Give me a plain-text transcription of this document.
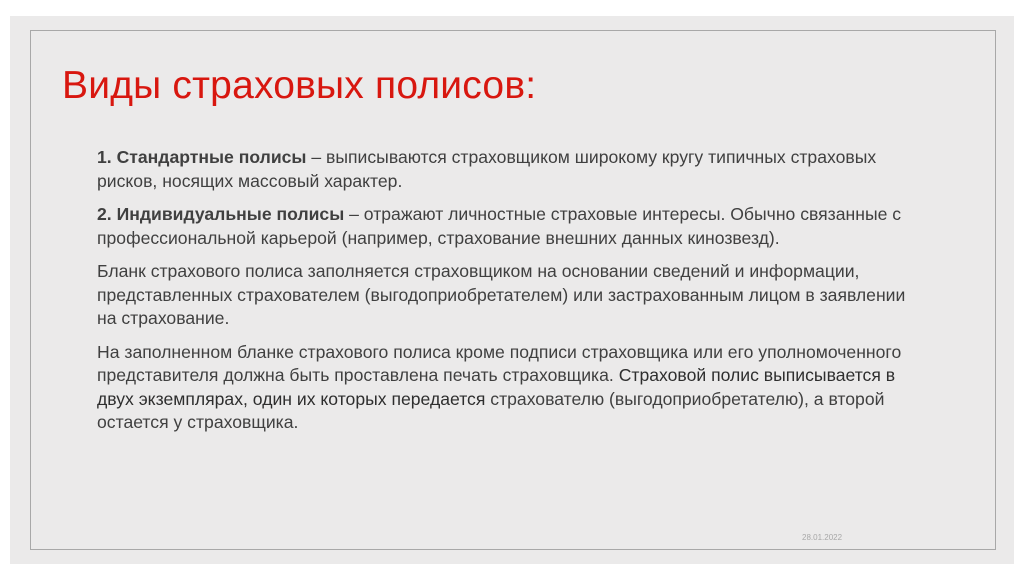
Виды страховых полисов:

1. Стандартные полисы – выписываются страховщиком широкому кругу типичных страховых рисков, носящих массовый характер.

2. Индивидуальные полисы – отражают личностные страховые интересы. Обычно связанные с профессиональной карьерой (например, страхование внешних данных кинозвезд).

Бланк страхового полиса заполняется страховщиком на основании сведений и информации, представленных страхователем (выгодоприобретателем) или застрахованным лицом в заявлении на страхование.

На заполненном бланке страхового полиса кроме подписи страховщика или его уполномоченного представителя должна быть проставлена печать страховщика. Страховой полис выписывается в двух экземплярах, один их которых передается страхователю (выгодоприобретателю), а второй остается у страховщика.

28.01.2022
